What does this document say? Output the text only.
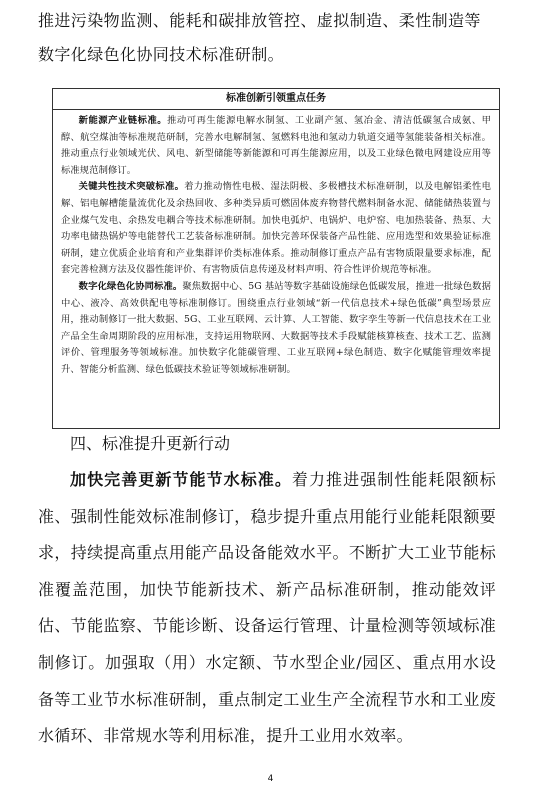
推进污染物监测、能耗和碳排放管控、虚拟制造、柔性制造等数字化绿色化协同技术标准研制。

标准创新引领重点任务

新能源产业链标准。推动可再生能源电解水制氢、工业副产氢、氢冶金、清洁低碳氢合成氨、甲醇、航空煤油等标准规范研制，完善水电解制氢、氢燃料电池和氢动力轨道交通等氢能装备相关标准。推动重点行业领域光伏、风电、新型储能等新能源和可再生能源应用，以及工业绿色微电网建设应用等标准规范制修订。

关键共性技术突破标准。着力推动惰性电极、湿法阴极、多极槽技术标准研制，以及电解铝柔性电解、铝电解槽能量流优化及余热回收、多种类异质可燃固体废弃物替代燃料制备水泥、储能储热装置与企业煤气发电、余热发电耦合等技术标准研制。加快电弧炉、电锅炉、电炉窑、电加热装备、热泵、大功率电储热锅炉等电能替代工艺装备标准研制。加快完善环保装备产品性能、应用选型和效果验证标准研制，建立优质企业培育和产业集群评价类标准体系。推动制修订重点产品有害物质限量要求标准，配套完善检测方法及仪器性能评价、有害物质信息传递及材料声明、符合性评价规范等标准。

数字化绿色化协同标准。聚焦数据中心、5G 基站等数字基础设施绿色低碳发展，推进一批绿色数据中心、液冷、高效供配电等标准制修订。围绕重点行业领域“新一代信息技术+绿色低碳”典型场景应用，推动制修订一批大数据、5G、工业互联网、云计算、人工智能、数字孪生等新一代信息技术在工业产品全生命周期阶段的应用标准，支持运用物联网、大数据等技术手段赋能核算核查、技术工艺、监测评价、管理服务等领域标准。加快数字化能碳管理、工业互联网+绿色制造、数字化赋能管理效率提升、智能分析监测、绿色低碳技术验证等领域标准研制。

四、标准提升更新行动

加快完善更新节能节水标准。着力推进强制性能耗限额标准、强制性能效标准制修订，稳步提升重点用能行业能耗限额要求，持续提高重点用能产品设备能效水平。不断扩大工业节能标准覆盖范围，加快节能新技术、新产品标准研制，推动能效评估、节能监察、节能诊断、设备运行管理、计量检测等领域标准制修订。加强取（用）水定额、节水型企业/园区、重点用水设备等工业节水标准研制，重点制定工业生产全流程节水和工业废水循环、非常规水等利用标准，提升工业用水效率。

4
